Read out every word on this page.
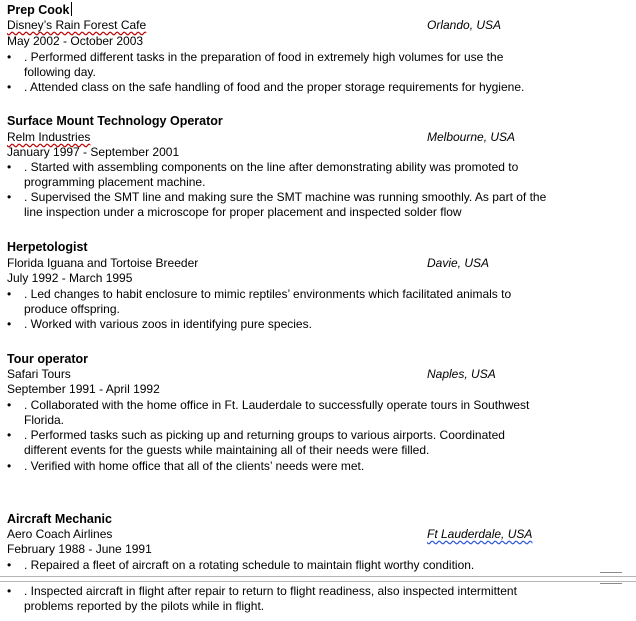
Prep Cook
Disney’s Rain Forest Cafe	Orlando, USA
May 2002 - October 2003
•	. Performed different tasks in the preparation of food in extremely high volumes for use the
following day.
•	. Attended class on the safe handling of food and the proper storage requirements for hygiene.
Surface Mount Technology Operator
Relm Industries	Melbourne, USA
January 1997 - September 2001
•	. Started with assembling components on the line after demonstrating ability was promoted to
programming placement machine.
•	. Supervised the SMT line and making sure the SMT machine was running smoothly. As part of the
line inspection under a microscope for proper placement and inspected solder flow
Herpetologist
Florida Iguana and Tortoise Breeder	Davie, USA
July 1992 - March 1995
•	. Led changes to habit enclosure to mimic reptiles’ environments which facilitated animals to
produce offspring.
•	. Worked with various zoos in identifying pure species.
Tour operator
Safari Tours	Naples, USA
September 1991 - April 1992
•	. Collaborated with the home office in Ft. Lauderdale to successfully operate tours in Southwest
Florida.
•	. Performed tasks such as picking up and returning groups to various airports. Coordinated
different events for the guests while maintaining all of their needs were filled.
•	. Verified with home office that all of the clients’ needs were met.
Aircraft Mechanic
Aero Coach Airlines	Ft Lauderdale, USA
February 1988 - June 1991
•	. Repaired a fleet of aircraft on a rotating schedule to maintain flight worthy condition.
•	. Inspected aircraft in flight after repair to return to flight readiness, also inspected intermittent
problems reported by the pilots while in flight.
